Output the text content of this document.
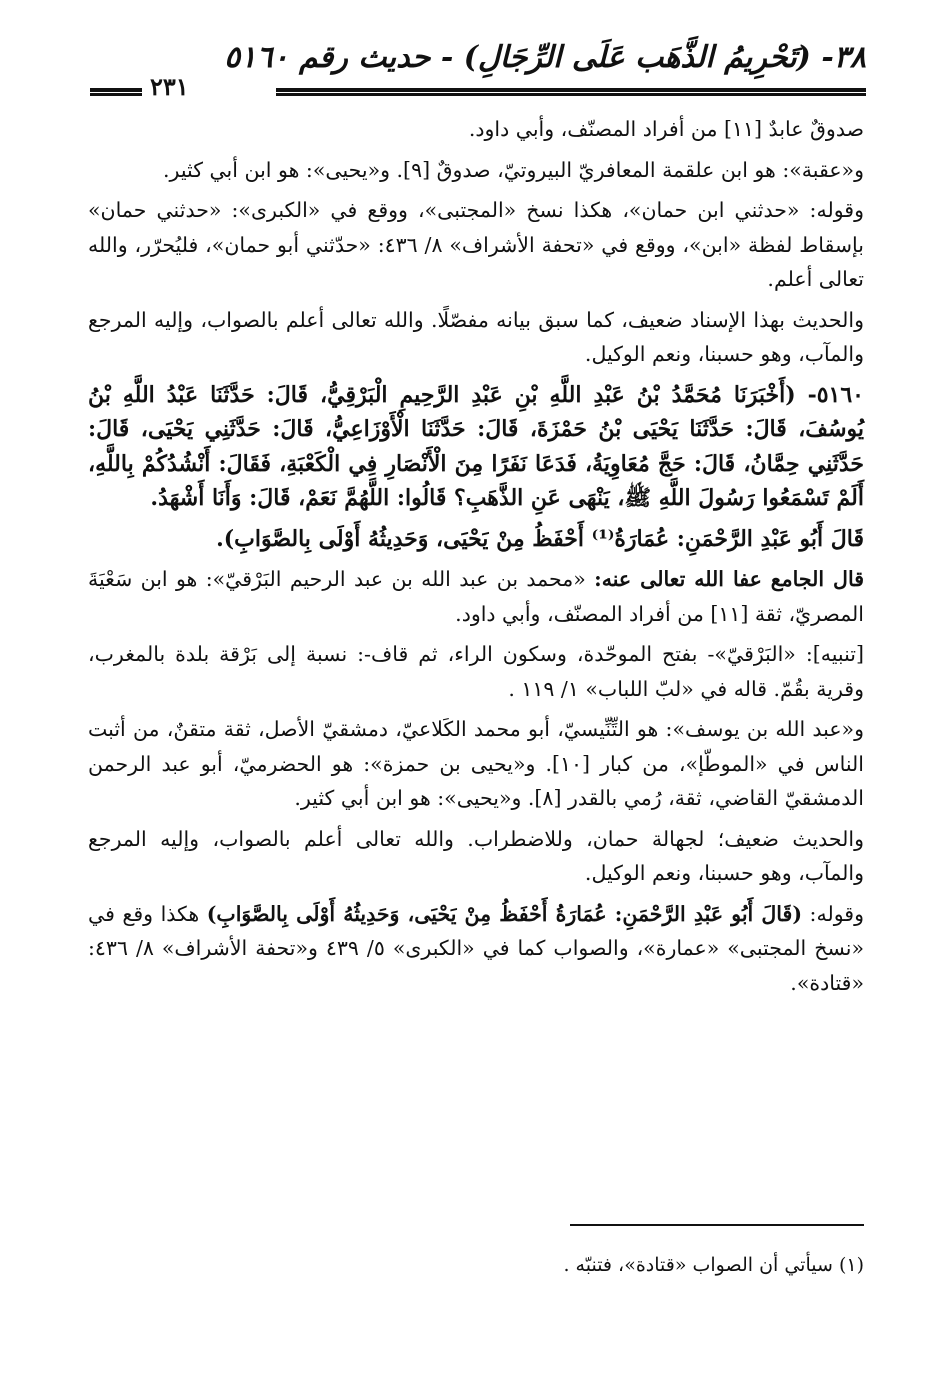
٣٨- (تَحْرِيمُ الذَّهَب عَلَى الرِّجَالِ) - حديث رقم ٥١٦٠
٢٣١

صدوقٌ عابدٌ [١١] من أفراد المصنّف، وأبي داود.

و«عقبة»: هو ابن علقمة المعافريّ البيروتيّ، صدوقٌ [٩]. و«يحيى»: هو ابن أبي كثير.

وقوله: «حدثني ابن حمان»، هكذا نسخ «المجتبى»، ووقع في «الكبرى»: «حدثني حمان» بإسقاط لفظة «ابن»، ووقع في «تحفة الأشراف» ٨/ ٤٣٦: «حدّثني أبو حمان»، فليُحرّر، والله تعالى أعلم.

والحديث بهذا الإسناد ضعيف، كما سبق بيانه مفصّلًا. والله تعالى أعلم بالصواب، وإليه المرجع والمآب، وهو حسبنا، ونعم الوكيل.

٥١٦٠- (أَخْبَرَنَا مُحَمَّدُ بْنُ عَبْدِ اللَّهِ بْنِ عَبْدِ الرَّحِيمِ الْبَرْقِيُّ، قَالَ: حَدَّثَنَا عَبْدُ اللَّهِ بْنُ يُوسُفَ، قَالَ: حَدَّثَنَا يَحْيَى بْنُ حَمْزَةَ، قَالَ: حَدَّثَنَا الْأَوْزَاعِيُّ، قَالَ: حَدَّثَنِي يَحْيَى، قَالَ: حَدَّثَنِي حِمَّانُ، قَالَ: حَجَّ مُعَاوِيَةُ، فَدَعَا نَفَرًا مِنَ الْأَنْصَارِ فِي الْكَعْبَةِ، فَقَالَ: أَنْشُدُكُمْ بِاللَّهِ، أَلَمْ تَسْمَعُوا رَسُولَ اللَّهِ ﷺ، يَنْهَى عَنِ الذَّهَبِ؟ قَالُوا: اللَّهُمَّ نَعَمْ، قَالَ: وَأَنَا أَشْهَدُ.

قَالَ أَبُو عَبْدِ الرَّحْمَنِ: عُمَارَةُ⁽¹⁾ أَحْفَظُ مِنْ يَحْيَى، وَحَدِيثُهُ أَوْلَى بِالصَّوَابِ).

قال الجامع عفا الله تعالى عنه: «محمد بن عبد الله بن عبد الرحيم البَرْقيّ»: هو ابن سَعْيَةَ المصريّ، ثقة [١١] من أفراد المصنّف، وأبي داود.

[تنبيه]: «البَرْقيّ»- بفتح الموحّدة، وسكون الراء، ثم قاف-: نسبة إلى بَرْقة بلدة بالمغرب، وقرية بقُمّ. قاله في «لبّ اللباب» ١/ ١١٩ .

و«عبد الله بن يوسف»: هو التِّنِّيسيّ، أبو محمد الكَلاعيّ، دمشقيّ الأصل، ثقة متقنٌ، من أثبت الناس في «الموطّإ»، من كبار [١٠]. و«يحيى بن حمزة»: هو الحضرميّ، أبو عبد الرحمن الدمشقيّ القاضي، ثقة، رُمي بالقدر [٨]. و«يحيى»: هو ابن أبي كثير.

والحديث ضعيف؛ لجهالة حمان، وللاضطراب. والله تعالى أعلم بالصواب، وإليه المرجع والمآب، وهو حسبنا، ونعم الوكيل.

وقوله: (قَالَ أَبُو عَبْدِ الرَّحْمَنِ: عُمَارَةُ أَحْفَظُ مِنْ يَحْيَى، وَحَدِيثُهُ أَوْلَى بِالصَّوَابِ) هكذا وقع في «نسخ المجتبى» «عمارة»، والصواب كما في «الكبرى» ٥/ ٤٣٩ و«تحفة الأشراف» ٨/ ٤٣٦: «قتادة».

(١) سيأتي أن الصواب «قتادة»، فتنبّه .
